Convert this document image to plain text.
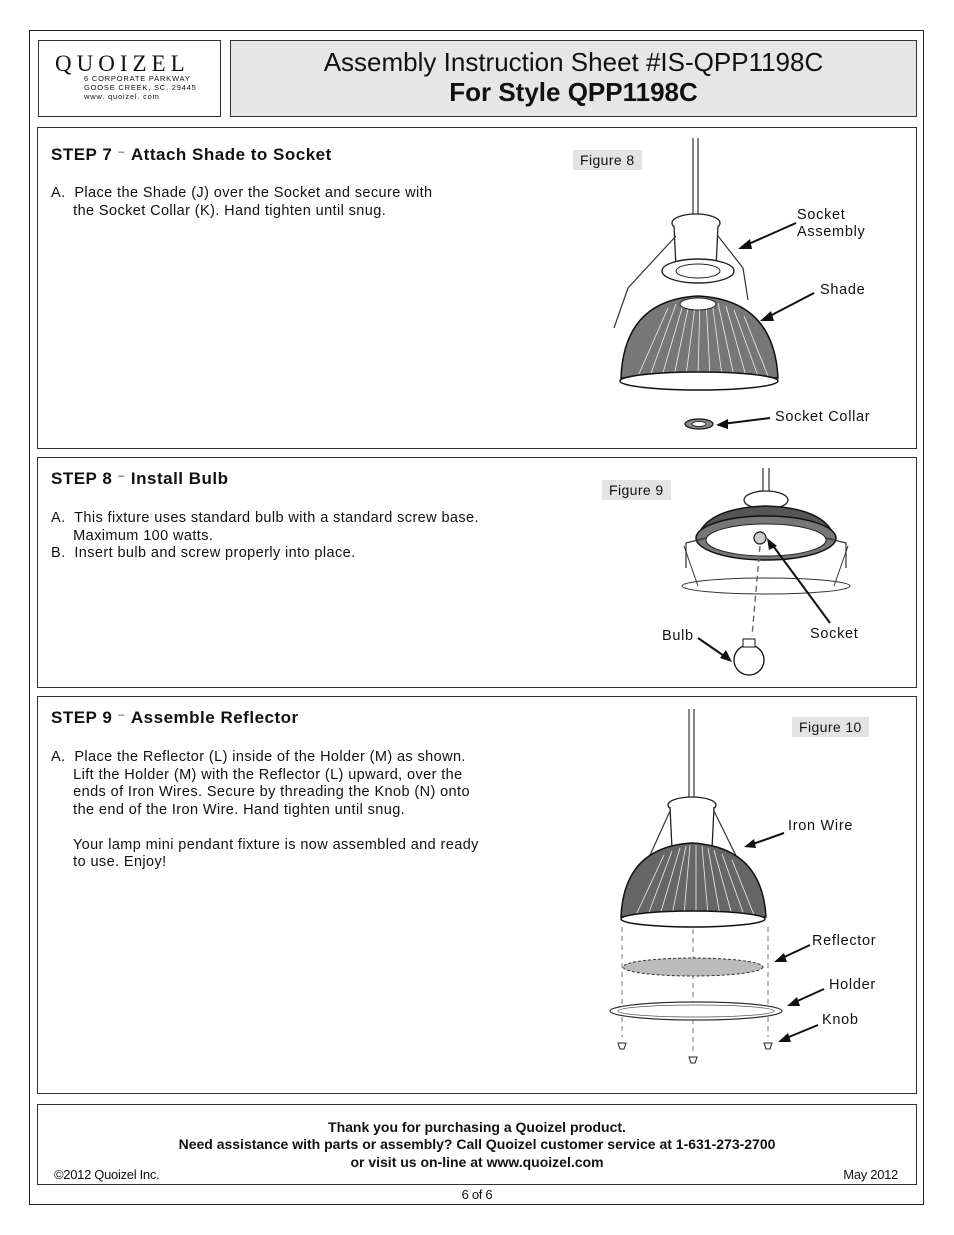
QUOIZEL
6 CORPORATE PARKWAY
GOOSE CREEK, SC. 29445
www. quoizel. com
Assembly Instruction Sheet #IS-QPP1198C
For Style QPP1198C
STEP 7 – Attach Shade to Socket
A.  Place the Shade (J) over the Socket and secure with
the Socket Collar (K). Hand tighten until snug.
Figure 8
Socket
Assembly
Shade
Socket Collar
STEP 8 – Install Bulb
A.  This fixture uses standard bulb with a standard screw base.
Maximum 100 watts.
B.  Insert bulb and screw properly into place.
Figure 9
Bulb	Socket
STEP 9 – Assemble Reflector
A.  Place the Reflector (L) inside of the Holder (M) as shown.
Lift the Holder (M) with the Reflector (L) upward, over the
ends of Iron Wires. Secure by threading the Knob (N) onto
the end of the Iron Wire. Hand tighten until snug.

Your lamp mini pendant fixture is now assembled and ready
to use. Enjoy!
Figure 10
Iron Wire
Reflector
Holder
Knob
Thank you for purchasing a Quoizel product.
Need assistance with parts or assembly? Call Quoizel customer service at 1-631-273-2700
or visit us on-line at www.quoizel.com
©2012 Quoizel Inc.	May 2012
6 of 6
